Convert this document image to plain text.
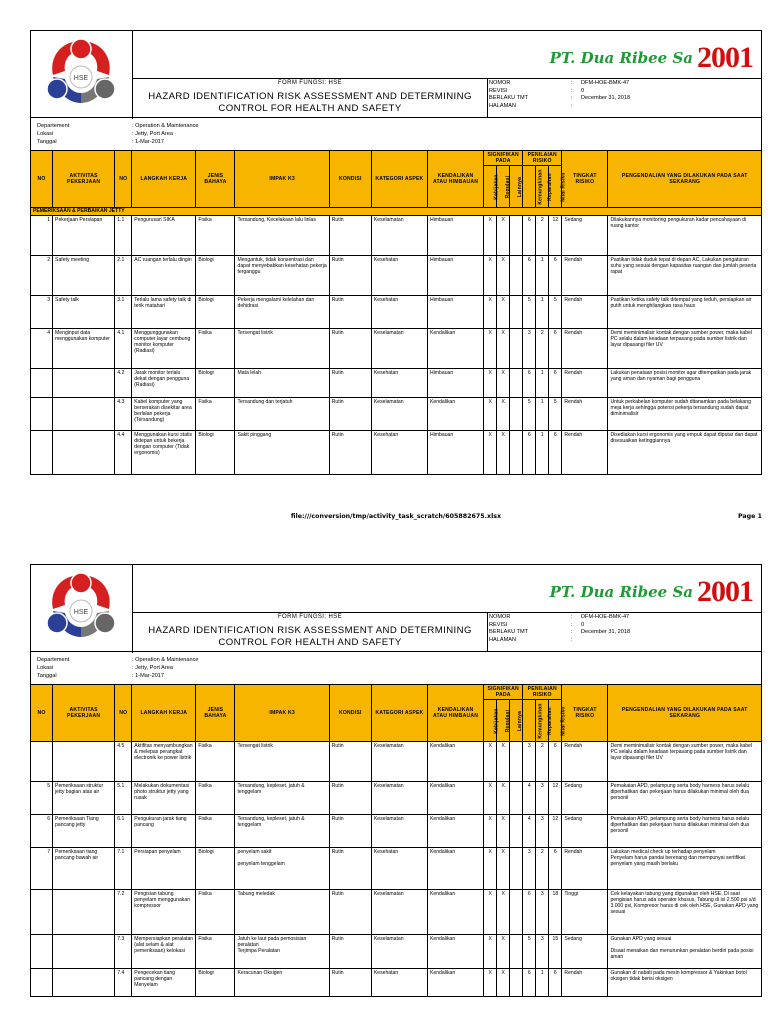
HSE
PT. Dua Ribee Sa 2001
FORM FUNGSI: HSE
HAZARD IDENTIFICATION RISK ASSESSMENT AND DETERMINING CONTROL FOR HEALTH AND SAFETY
NOMOR	: DFM-HOE-BMK-47
REVISI	: 0
BERLAKU TMT	: December 31, 2018
HALAMAN	:
Departement	: Operation & Maintenance
Lokasi	: Jetty, Port Area
Tanggal	: 1-Mar-2017
NO	AKTIVITAS PEKERJAAN	NO	LANGKAH KERJA	JENIS BAHAYA	IMPAK K3	KONDISI	KATEGORI ASPEK	KENDALIKAN ATAU HIMBAUAN	SIGNIFIKAN PADA			PENILAIAN RISIKO			TINGKAT RISIKO	PENGENDALIAN YANG DILAKUKAN PADA SAAT SEKARANG
									Kebijakan	Regulasi	Lainnya	Kemungkinan	Keparahan	Nilai Risiko		
PEMERIKSAAN & PERBAIKAN JETTY																
1	Pekerjaan Persiapan	1.1	Pengurusan SIKA	Fisika	Tersandung, Kecelakaan lalu linlas	Rutin	Keselamatan	Himbauan	X	X		6	2	12	Sedang	Dilakukannya monitoring pengukuran kadar pencahayaan di ruang kantor
2	Safety meeting	2.1	AC ruangan terlalu dingin	Biologi	Mengantuk, tidak konsentrasi dan dapat menyebabkan kesehatan pekerja terganggu	Rutin	Kesehatan	Himbauan	X	X		6	1	6	Rendah	Pastikan tidak duduk tepat di depan AC, Lakukan pengaturan suhu yang sesuai dengan kapasitas ruangan dan jumlah peserta rapat
3	Safety talk	3.1	Terlalu lama safety talk di terik matahari	Biologi	Pekerja mengalami kelelahan dan dehidrasi	Rutin	Kesehatan	Himbauan	X	X		5	1	5	Rendah	Pastikan ketika safety talk ditempat yang teduh, persiapkan air putih untuk menghilangkan rasa haus
4	Menginput data menggunakan komputer	4.1	Menggunggunakan computer layar cembung monitor komputer (Radiasi)	Fisika	Tersengat listrik	Rutin	Keselamatan	Kendalikan	X	X		3	2	6	Rendah	Demi meminimalisir kontak dengan sumber power, maka kabel PC selalu dalam keadaan terpasang pada sumber listrik dan layar dipasangi filer UV
		4.2	Jarak monitor terlalu dekat dengan pengguna (Radiasi)	Biologi	Mata lelah	Rutin	Kesehatan	Himbauan	X	X		6	1	6	Rendah	Lakukan penataan posisi monitor agar ditempatkan pada jarak yang aman dan nyaman bagi pengguna
		4.3	Kabel komputer yang berserakan disekitar area berlalan pekerja (Tersandung)	Fisika	Tersandung dan terjatuh	Rutin	Keselamatan	Kendalikan	X	X		5	1	5	Rendah	Untuk perkabelan komputer sudah ditanamkan pada belakang meja kerja sehingga potensi pekerja tersandung sudah dapat diminimalisir
		4.4	Menggunakan kursi statis didepan untuk bekerja dengan computer (Tidak ergonomis)	Biologi	Sakit pinggang	Rutin	Kesehatan	Himbauan	X	X		6	1	6	Rendah	Disediakan kursi ergonomis yang empuk dapat diputar dan dapat disesuaikan ketinggiannya
file:///conversion/tmp/activity_task_scratch/605882675.xlsx	Page 1
HSE
PT. Dua Ribee Sa 2001
FORM FUNGSI: HSE
HAZARD IDENTIFICATION RISK ASSESSMENT AND DETERMINING CONTROL FOR HEALTH AND SAFETY
NOMOR	: DFM-HOE-BMK-47
REVISI	: 0
BERLAKU TMT	: December 31, 2018
HALAMAN	:
Departement	: Operation & Maintenance
Lokasi	: Jetty, Port Area
Tanggal	: 1-Mar-2017
NO	AKTIVITAS PEKERJAAN	NO	LANGKAH KERJA	JENIS BAHAYA	IMPAK K3	KONDISI	KATEGORI ASPEK	KENDALIKAN ATAU HIMBAUAN	SIGNIFIKAN PADA			PENILAIAN RISIKO			TINGKAT RISIKO	PENGENDALIAN YANG DILAKUKAN PADA SAAT SEKARANG
									Kebijakan	Regulasi	Lainnya	Kemungkinan	Keparahan	Nilai Risiko		
		4.5	Aktifitas menyambungkan & melepas perangkat electronik ke power listrik	Fisika	Tersengat listrik	Rutin	Keselamatan	Kendalikan	X	X		3	2	6	Rendah	Demi meminimalisir kontak dengan sumber power, maka kabel PC selalu dalam keadaan terpasang pada sumber listrik dan layar dipasangi filer UV
5	Pemeriksaan struktur jetty bagian atas air	5.1	Melakukan dokumentasi photo struktur jetty yang rusak	Fisika	Tersandung, kepleset, jatuh & tenggelam	Rutin	Keselamatan	Kendalikan	X	X		4	3	12	Sedang	Pemakaian APD, pelampung serta body harness harus selalu diperhatikan dan pekerjaan harus dilakukan minimal oleh dua personil
6	Pemeriksaan Tiang pancang jetty	6.1	Pengukuran jarak tiang pancang	Fisika	Tersandung, kepleset, jatuh & tenggelam	Rutin	Keselamatan	Kendalikan	X	X		4	3	12	Sedang	Pemakaian APD, pelampung serta body harness harus selalu diperhatikan dan pekerjaan harus dilakukan minimal oleh dua personil
7	Pemeriksaan tiang pancang bawah air	7.1	Persiapan penyelam	Biologi	penyelam sakit

penyelam tenggelam	Rutin	Kesehatan	Kendalikan	X	X		3	2	6	Rendah	Lakukan medical check up terhadap penyelam
Penyelam harus pandai berenang dan mempunyai sertifikat penyelam yang masih berlaku
		7.2	Pengisian tabung penyelam menggunakan kompressor	Fisika	Tabung meledak	Rutin	Keselamatan	Kendalikan	X	X		6	3	18	Tinggi	Cek kelayakan tabung yang digunakan oleh HSE, Di saat pengisian harus ada operator khusus, Tabung di isi 2.500 psi s/d 3.000 psi, Kompresor harus di cek oleh HSE, Gunakan APD yang sesuai
		7.3	Mempersiapkan peralatan (alat selam & alat pemeriksaan) kelokasi	Fisika	Jatuh ke laut pada pemosisian peralatan
Terjimpa Peralatan	Rutin	Keselamatan	Kendalikan	X	X		5	3	15	Sedang	Gunakan APD yang sesuai

Disaat menaikan dan menurunkan peralatan berdiri pada posisi aman
		7.4	Pengecekan tiang pancang dengan Menyelam	Biologi	Keracunan Oksigen	Rutin	Kesehatan	Kendalikan	X	X		6	1	6	Rendah	Gunakan di nabati pada mesin kompressor & Yakinkan botol oksigen tidak berisi oksigen
